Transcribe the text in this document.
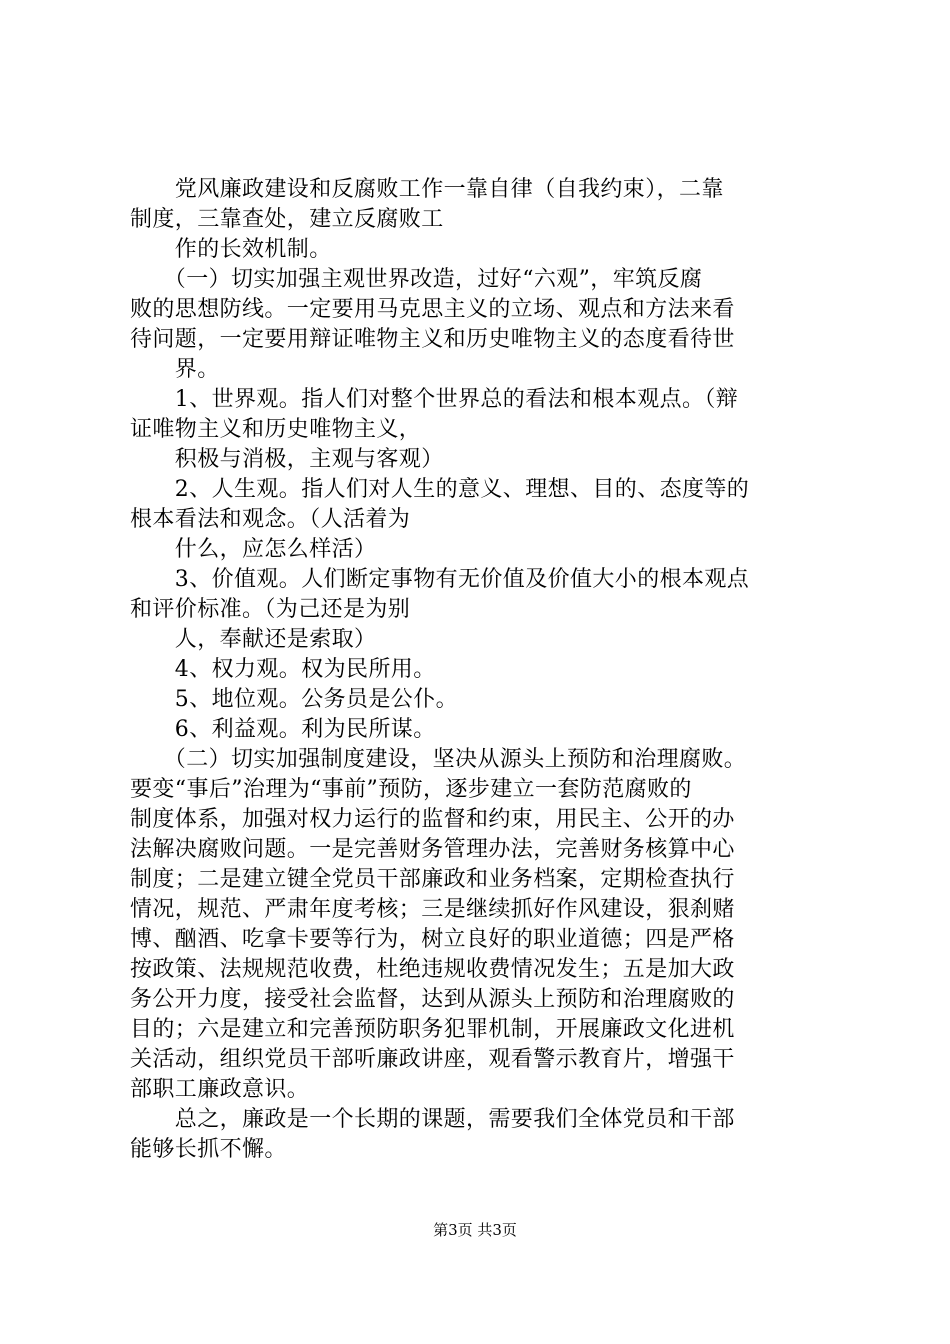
　　党风廉政建设和反腐败工作一靠自律（自我约束），二靠
制度，三靠查处，建立反腐败工
　　作的长效机制。
　　（一）切实加强主观世界改造，过好“六观”，牢筑反腐
败的思想防线。一定要用马克思主义的立场、观点和方法来看
待问题，一定要用辩证唯物主义和历史唯物主义的态度看待世
　　界。
　　1、世界观。指人们对整个世界总的看法和根本观点。（辩
证唯物主义和历史唯物主义，
　　积极与消极，主观与客观）
　　2、人生观。指人们对人生的意义、理想、目的、态度等的
根本看法和观念。（人活着为
　　什么，应怎么样活）
　　3、价值观。人们断定事物有无价值及价值大小的根本观点
和评价标准。（为己还是为别
　　人，奉献还是索取）
　　4、权力观。权为民所用。
　　5、地位观。公务员是公仆。
　　6、利益观。利为民所谋。
　　（二）切实加强制度建设，坚决从源头上预防和治理腐败。
要变“事后”治理为“事前”预防，逐步建立一套防范腐败的
制度体系，加强对权力运行的监督和约束，用民主、公开的办
法解决腐败问题。一是完善财务管理办法，完善财务核算中心
制度；二是建立键全党员干部廉政和业务档案，定期检查执行
情况，规范、严肃年度考核；三是继续抓好作风建设，狠刹赌
博、酗酒、吃拿卡要等行为，树立良好的职业道德；四是严格
按政策、法规规范收费，杜绝违规收费情况发生；五是加大政
务公开力度，接受社会监督，达到从源头上预防和治理腐败的
目的；六是建立和完善预防职务犯罪机制，开展廉政文化进机
关活动，组织党员干部听廉政讲座，观看警示教育片，增强干
部职工廉政意识。
　　总之，廉政是一个长期的课题，需要我们全体党员和干部
能够长抓不懈。
第3页 共3页
